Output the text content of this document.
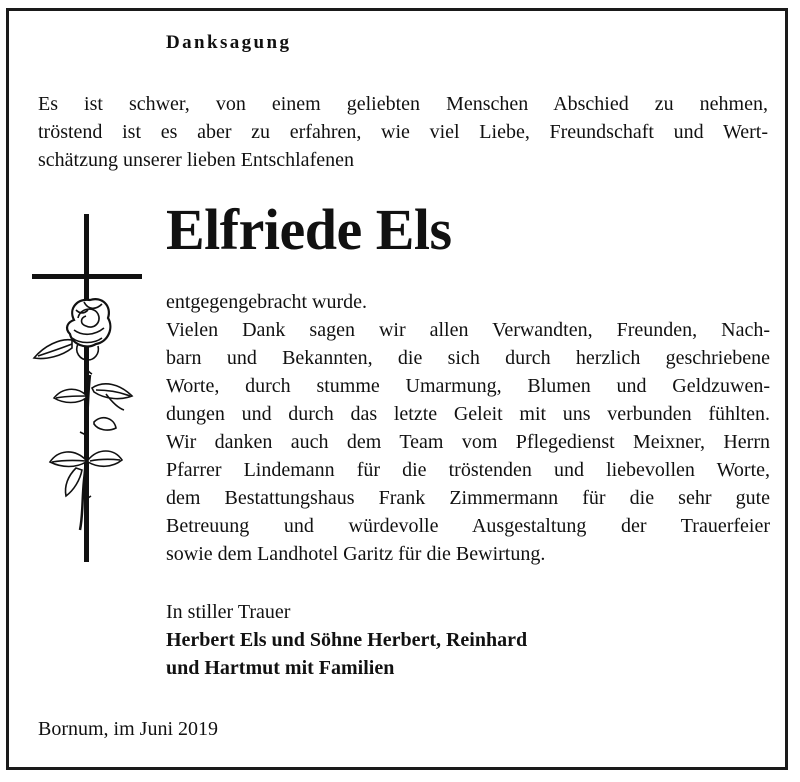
Danksagung
Es ist schwer, von einem geliebten Menschen Abschied zu nehmen,
tröstend ist es aber zu erfahren, wie viel Liebe, Freundschaft und Wert-
schätzung unserer lieben Entschlafenen
Elfriede Els
entgegengebracht wurde.
Vielen Dank sagen wir allen Verwandten, Freunden, Nach-
barn und Bekannten, die sich durch herzlich geschriebene
Worte, durch stumme Umarmung, Blumen und Geldzuwen-
dungen und durch das letzte Geleit mit uns verbunden fühlten.
Wir danken auch dem Team vom Pflegedienst Meixner, Herrn
Pfarrer Lindemann für die tröstenden und liebevollen Worte,
dem Bestattungshaus Frank Zimmermann für die sehr gute
Betreuung und würdevolle Ausgestaltung der Trauerfeier
sowie dem Landhotel Garitz für die Bewirtung.
In stiller Trauer
Herbert Els und Söhne Herbert, Reinhard
und Hartmut mit Familien
Bornum, im Juni 2019
